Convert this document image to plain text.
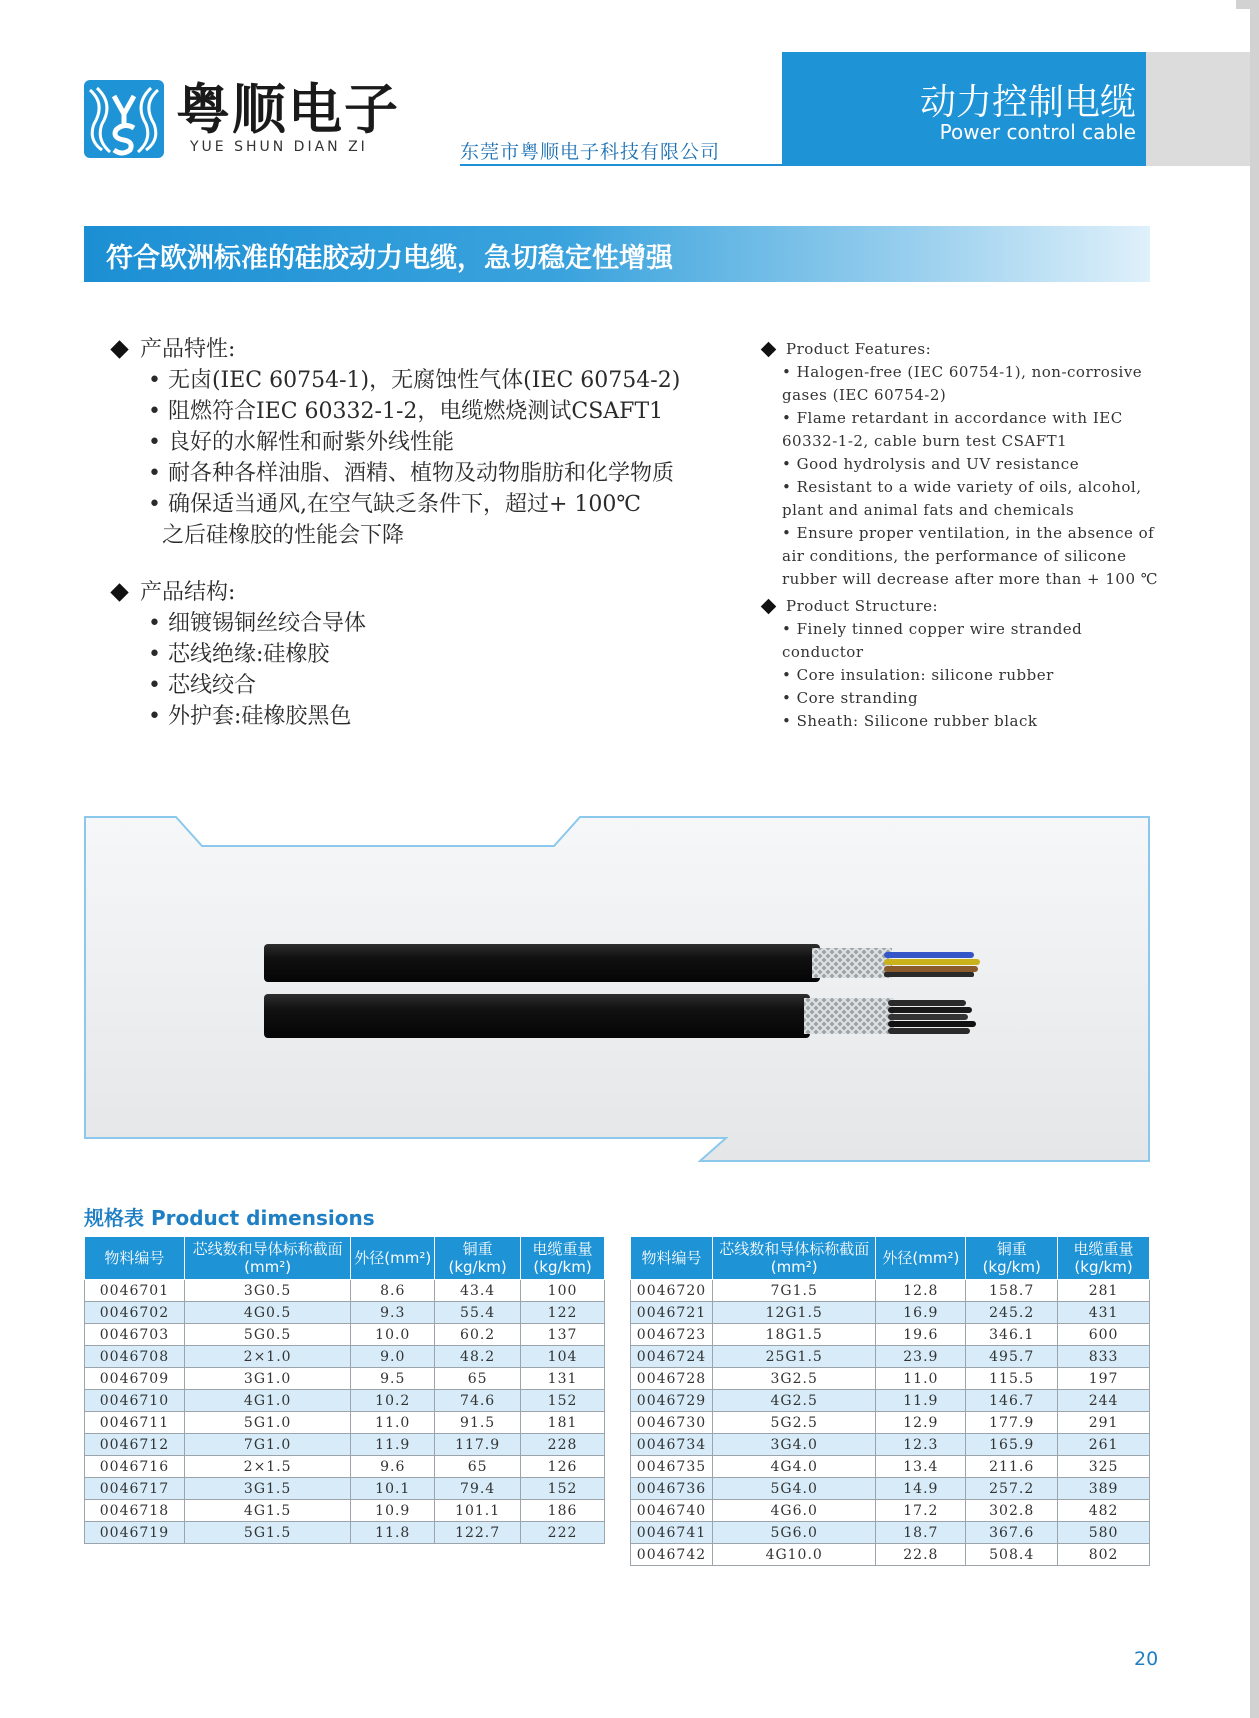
粤顺电子
YUE SHUN DIAN ZI	东莞市粤顺电子科技有限公司
动力控制电缆
Power control cable
符合欧洲标准的硅胶动力电缆，急切稳定性增强
产品特性:
• 无卤(IEC 60754-1)，无腐蚀性气体(IEC 60754-2)
• 阻燃符合IEC 60332-1-2，电缆燃烧测试CSAFT1
• 良好的水解性和耐紫外线性能
• 耐各种各样油脂、酒精、植物及动物脂肪和化学物质
• 确保适当通风,在空气缺乏条件下，超过+ 100℃
之后硅橡胶的性能会下降
产品结构:
• 细镀锡铜丝绞合导体
• 芯线绝缘:硅橡胶
• 芯线绞合
• 外护套:硅橡胶黑色
Product Features:
• Halogen-free (IEC 60754-1), non-corrosive gases (IEC 60754-2)
• Flame retardant in accordance with IEC 60332-1-2, cable burn test CSAFT1
• Good hydrolysis and UV resistance
• Resistant to a wide variety of oils, alcohol, plant and animal fats and chemicals
• Ensure proper ventilation, in the absence of air conditions, the performance of silicone rubber will decrease after more than + 100 ℃
Product Structure:
• Finely tinned copper wire stranded conductor
• Core insulation: silicone rubber
• Core stranding
• Sheath: Silicone rubber black
规格表 Product dimensions
物料编号	芯线数和导体标称截面(mm²)	外径(mm²)	铜重(kg/km)	电缆重量(kg/km)
0046701	3G0.5	8.6	43.4	100
0046702	4G0.5	9.3	55.4	122
0046703	5G0.5	10.0	60.2	137
0046708	2×1.0	9.0	48.2	104
0046709	3G1.0	9.5	65	131
0046710	4G1.0	10.2	74.6	152
0046711	5G1.0	11.0	91.5	181
0046712	7G1.0	11.9	117.9	228
0046716	2×1.5	9.6	65	126
0046717	3G1.5	10.1	79.4	152
0046718	4G1.5	10.9	101.1	186
0046719	5G1.5	11.8	122.7	222
物料编号	芯线数和导体标称截面(mm²)	外径(mm²)	铜重(kg/km)	电缆重量(kg/km)
0046720	7G1.5	12.8	158.7	281
0046721	12G1.5	16.9	245.2	431
0046723	18G1.5	19.6	346.1	600
0046724	25G1.5	23.9	495.7	833
0046728	3G2.5	11.0	115.5	197
0046729	4G2.5	11.9	146.7	244
0046730	5G2.5	12.9	177.9	291
0046734	3G4.0	12.3	165.9	261
0046735	4G4.0	13.4	211.6	325
0046736	5G4.0	14.9	257.2	389
0046740	4G6.0	17.2	302.8	482
0046741	5G6.0	18.7	367.6	580
0046742	4G10.0	22.8	508.4	802
20
